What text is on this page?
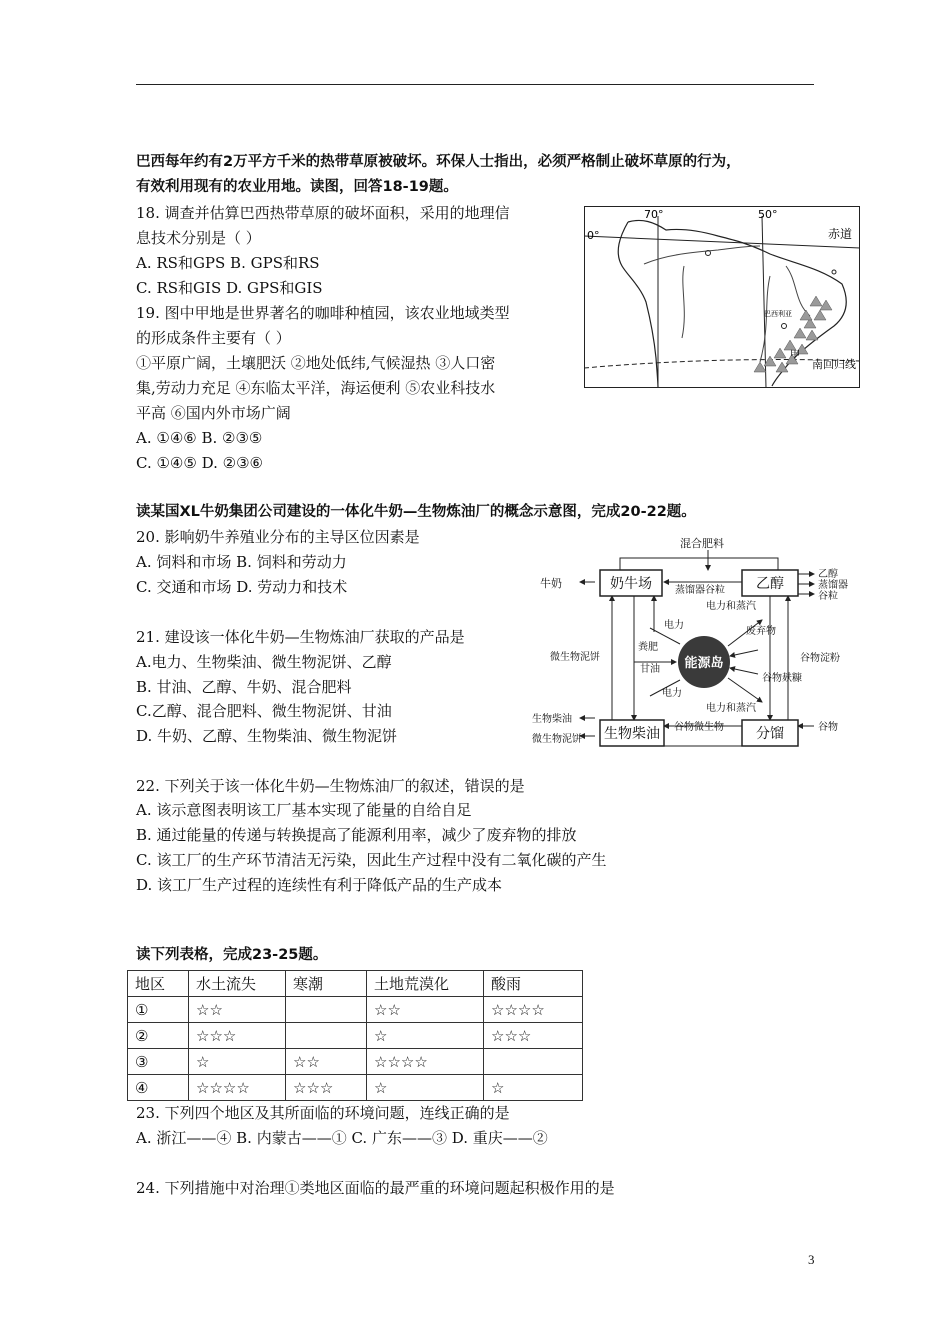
巴西每年约有2万平方千米的热带草原被破坏。环保人士指出，必须严格制止破坏草原的行为，
有效利用现有的农业用地。读图，回答18-19题。
18. 调查并估算巴西热带草原的破坏面积，采用的地理信
息技术分别是（ ）
A. RS和GPS B. GPS和RS
C. RS和GIS D. GPS和GIS
19. 图中甲地是世界著名的咖啡种植园，该农业地域类型
的形成条件主要有（ ）
①平原广阔，土壤肥沃 ②地处低纬,气候湿热 ③人口密
集,劳动力充足 ④东临太平洋，海运便利 ⑤农业科技水
平高 ⑥国内外市场广阔
A. ①④⑥ B. ②③⑤
C. ①④⑤ D. ②③⑥
70°	50°
0°	赤道
南回归线
巴西利亚
甲
读某国XL牛奶集团公司建设的一体化牛奶—生物炼油厂的概念示意图，完成20-22题。
20. 影响奶牛养殖业分布的主导区位因素是
A. 饲料和市场 B. 饲料和劳动力
C. 交通和市场 D. 劳动力和技术
21. 建设该一体化牛奶—生物炼油厂获取的产品是
A.电力、生物柴油、微生物泥饼、乙醇
B. 甘油、乙醇、牛奶、混合肥料
C.乙醇、混合肥料、微生物泥饼、甘油
D. 牛奶、乙醇、生物柴油、微生物泥饼
奶牛场	乙醇
生物柴油	分馏
能源岛
混合肥料
牛奶
乙醇
蒸馏器
谷粒
蒸馏器谷粒
电力和蒸汽
电力
粪肥
废弃物
甘油
谷物淀粉
微生物泥饼
电力
电力和蒸汽
谷物麸糠
谷物微生物
生物柴油
微生物泥饼
谷物
22. 下列关于该一体化牛奶—生物炼油厂的叙述，错误的是
A. 该示意图表明该工厂基本实现了能量的自给自足
B. 通过能量的传递与转换提高了能源利用率，减少了废弃物的排放
C. 该工厂的生产环节清洁无污染，因此生产过程中没有二氧化碳的产生
D. 该工厂生产过程的连续性有利于降低产品的生产成本
读下列表格，完成23-25题。
地区	水土流失	寒潮	土地荒漠化	酸雨
①	☆☆		☆☆	☆☆☆☆
②	☆☆☆		☆	☆☆☆
③	☆	☆☆	☆☆☆☆	
④	☆☆☆☆	☆☆☆	☆	☆
23. 下列四个地区及其所面临的环境问题，连线正确的是
A. 浙江——④ B. 内蒙古——① C. 广东——③ D. 重庆——②
24. 下列措施中对治理①类地区面临的最严重的环境问题起积极作用的是
3
